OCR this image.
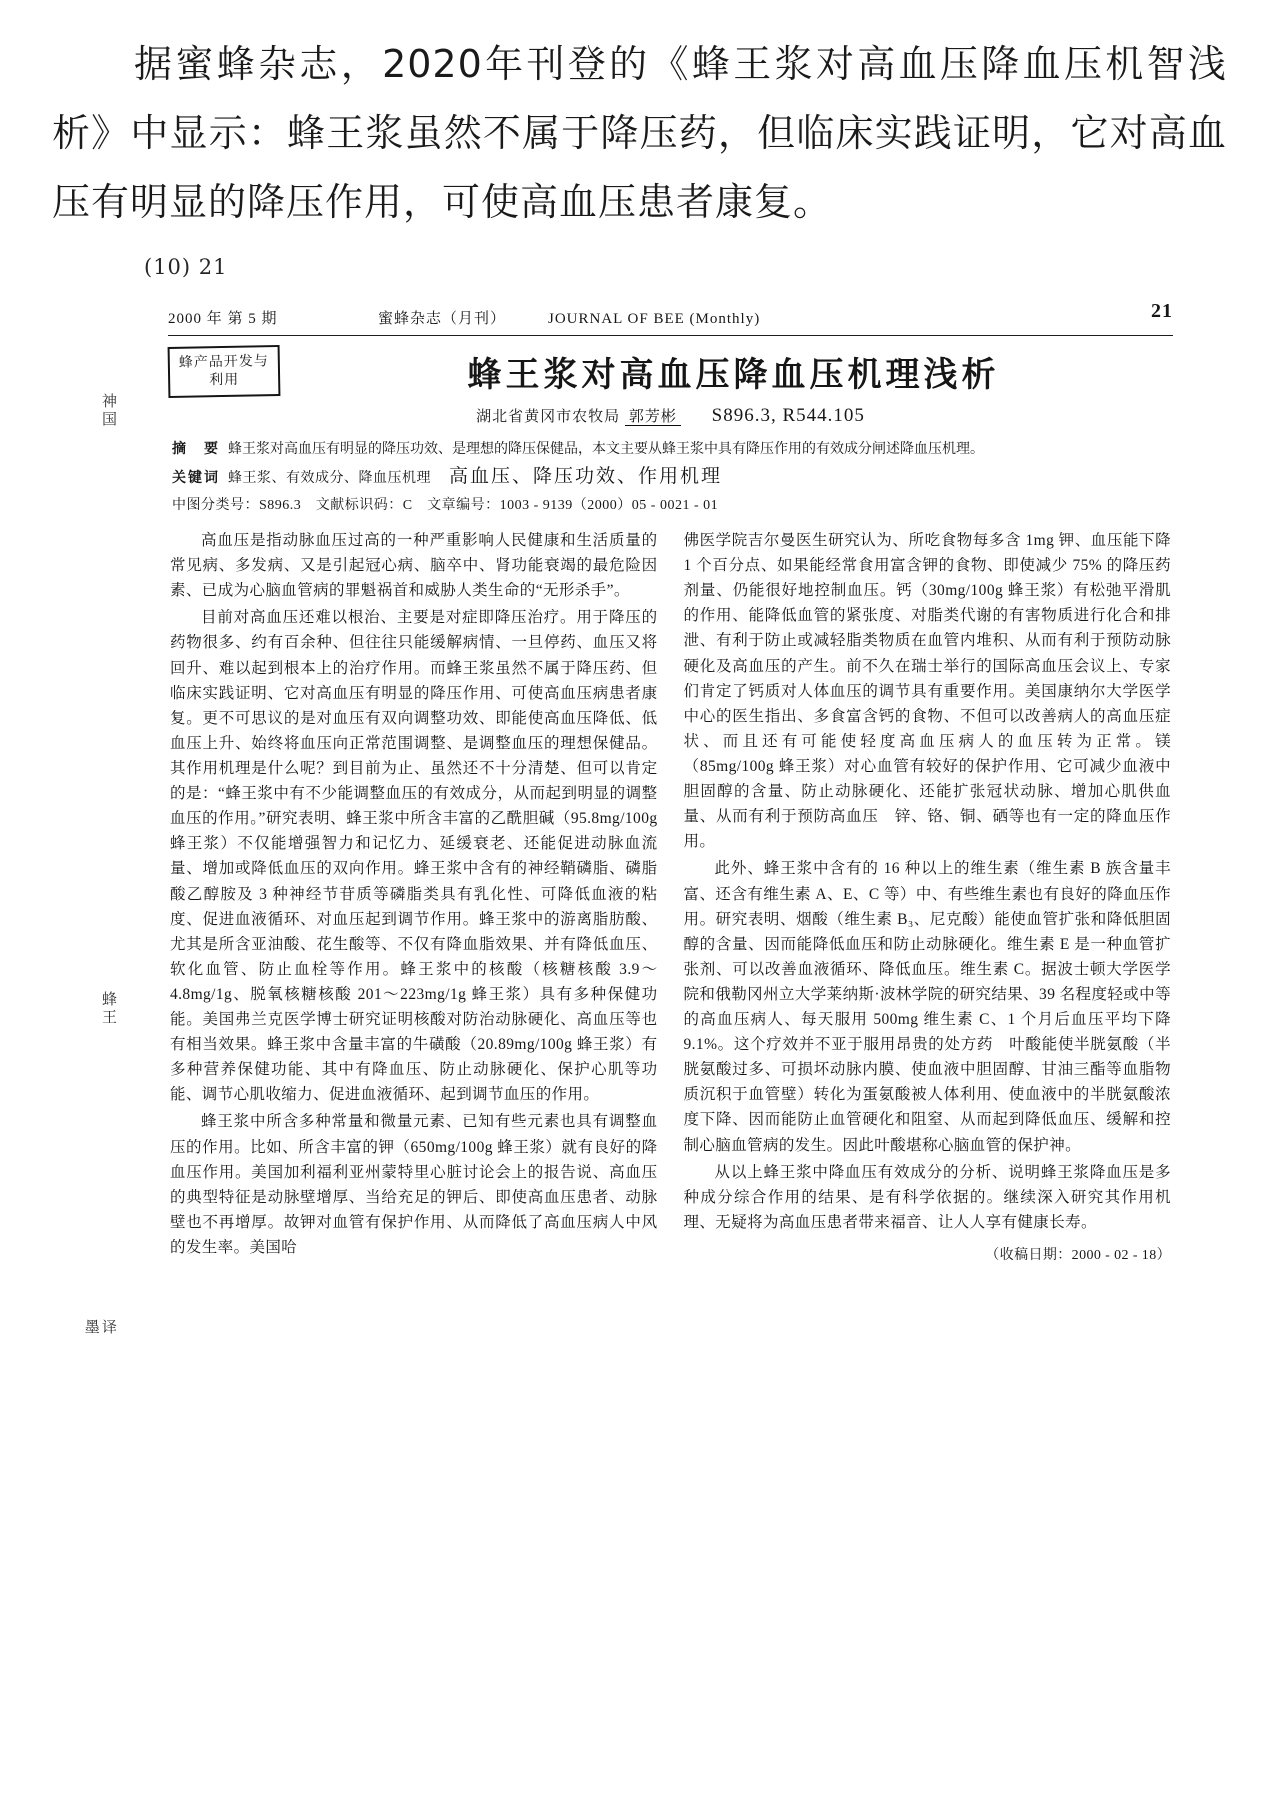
据蜜蜂杂志，2020年刊登的《蜂王浆对高血压降血压机智浅析》中显示：蜂王浆虽然不属于降压药，但临床实践证明，它对高血压有明显的降压作用，可使高血压患者康复。
(10) 21
神国
蜂王
译墨
2000 年 第 5 期	蜜蜂杂志（月刊）	JOURNAL OF BEE (Monthly)	21
蜂产品开发与利用	蜂王浆对高血压降血压机理浅析
湖北省黄冈市农牧局 郭芳彬 S896.3, R544.105
摘　要 蜂王浆对高血压有明显的降压功效、是理想的降压保健品，本文主要从蜂王浆中具有降压作用的有效成分闸述降血压机理。
关键词 蜂王浆、有效成分、降血压机理 高血压、降压功效、作用机理
中图分类号：S896.3　文献标识码：C　文章编号：1003 - 9139（2000）05 - 0021 - 01

高血压是指动脉血压过高的一种严重影响人民健康和生活质量的常见病、多发病、又是引起冠心病、脑卒中、肾功能衰竭的最危险因素、已成为心脑血管病的罪魁祸首和威胁人类生命的“无形杀手”。

目前对高血压还难以根治、主要是对症即降压治疗。用于降压的药物很多、约有百余种、但往往只能缓解病情、一旦停药、血压又将回升、难以起到根本上的治疗作用。而蜂王浆虽然不属于降压药、但临床实践证明、它对高血压有明显的降压作用、可使高血压病患者康复。更不可思议的是对血压有双向调整功效、即能使高血压降低、低血压上升、始终将血压向正常范围调整、是调整血压的理想保健品。其作用机理是什么呢？到目前为止、虽然还不十分清楚、但可以肯定的是：“蜂王浆中有不少能调整血压的有效成分，从而起到明显的调整血压的作用。”研究表明、蜂王浆中所含丰富的乙酰胆碱（95.8mg/100g 蜂王浆）不仅能增强智力和记忆力、延缓衰老、还能促进动脉血流量、增加或降低血压的双向作用。蜂王浆中含有的神经鞘磷脂、磷脂酸乙醇胺及 3 种神经节苷质等磷脂类具有乳化性、可降低血液的粘度、促进血液循环、对血压起到调节作用。蜂王浆中的游离脂肪酸、尤其是所含亚油酸、花生酸等、不仅有降血脂效果、并有降低血压、软化血管、防止血栓等作用。蜂王浆中的核酸（核糖核酸 3.9～4.8mg/1g、脱氧核糖核酸 201～223mg/1g 蜂王浆）具有多种保健功能。美国弗兰克医学博士研究证明核酸对防治动脉硬化、高血压等也有相当效果。蜂王浆中含量丰富的牛磺酸（20.89mg/100g 蜂王浆）有多种营养保健功能、其中有降血压、防止动脉硬化、保护心肌等功能、调节心肌收缩力、促进血液循环、起到调节血压的作用。

蜂王浆中所含多种常量和微量元素、已知有些元素也具有调整血压的作用。比如、所含丰富的钾（650mg/100g 蜂王浆）就有良好的降血压作用。美国加利福利亚州蒙特里心脏讨论会上的报告说、高血压的典型特征是动脉壁增厚、当给充足的钾后、即使高血压患者、动脉壁也不再增厚。故钾对血管有保护作用、从而降低了高血压病人中风的发生率。美国哈

佛医学院吉尔曼医生研究认为、所吃食物每多含 1mg 钾、血压能下降 1 个百分点、如果能经常食用富含钾的食物、即使减少 75% 的降压药剂量、仍能很好地控制血压。钙（30mg/100g 蜂王浆）有松弛平滑肌的作用、能降低血管的紧张度、对脂类代谢的有害物质进行化合和排泄、有利于防止或减轻脂类物质在血管内堆积、从而有利于预防动脉硬化及高血压的产生。前不久在瑞士举行的国际高血压会议上、专家们肯定了钙质对人体血压的调节具有重要作用。美国康纳尔大学医学中心的医生指出、多食富含钙的食物、不但可以改善病人的高血压症状、而且还有可能使轻度高血压病人的血压转为正常。镁（85mg/100g 蜂王浆）对心血管有较好的保护作用、它可减少血液中胆固醇的含量、防止动脉硬化、还能扩张冠状动脉、增加心肌供血量、从而有利于预防高血压　锌、铬、铜、硒等也有一定的降血压作用。

此外、蜂王浆中含有的 16 种以上的维生素（维生素 B 族含量丰富、还含有维生素 A、E、C 等）中、有些维生素也有良好的降血压作用。研究表明、烟酸（维生素 B₃、尼克酸）能使血管扩张和降低胆固醇的含量、因而能降低血压和防止动脉硬化。维生素 E 是一种血管扩张剂、可以改善血液循环、降低血压。维生素 C。据波士顿大学医学院和俄勒冈州立大学莱纳斯·波林学院的研究结果、39 名程度轻或中等的高血压病人、每天服用 500mg 维生素 C、1 个月后血压平均下降 9.1%。这个疗效并不亚于服用昂贵的处方药　叶酸能使半胱氨酸（半胱氨酸过多、可损坏动脉内膜、使血液中胆固醇、甘油三酯等血脂物质沉积于血管壁）转化为蛋氨酸被人体利用、使血液中的半胱氨酸浓度下降、因而能防止血管硬化和阻窒、从而起到降低血压、缓解和控制心脑血管病的发生。因此叶酸堪称心脑血管的保护神。

从以上蜂王浆中降血压有效成分的分析、说明蜂王浆降血压是多种成分综合作用的结果、是有科学依据的。继续深入研究其作用机理、无疑将为高血压患者带来福音、让人人享有健康长寿。

（收稿日期：2000 - 02 - 18）
